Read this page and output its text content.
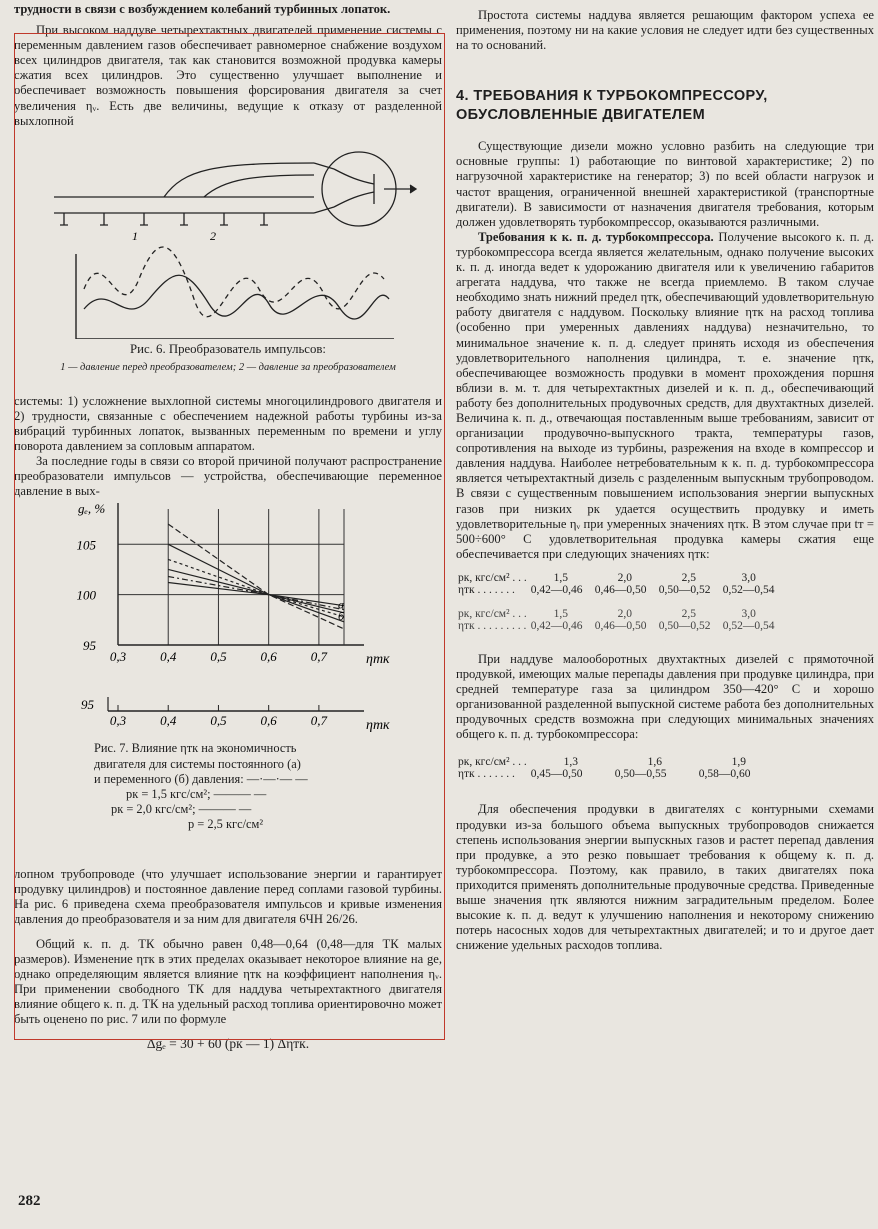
трудности в связи с возбуждением колебаний турбинных лопаток.

При высоком наддуве четырехтактных двигателей применение системы с переменным давлением газов обеспечивает равномерное снабжение воздухом всех цилиндров двигателя, так как становится возможной продувка камеры сжатия всех цилиндров. Это существенно улучшает выполнение и обеспечивает возможность повышения форсирования двигателя за счет увеличения ηᵥ. Есть две величины, ведущие к отказу от разделенной выхлопной

1	2

Рис. 6. Преобразователь импульсов:

1 — давление перед преобразователем; 2 — давление за преобразователем

системы: 1) усложнение выхлопной системы многоцилиндрового двигателя и 2) трудности, связанные с обеспечением надежной работы турбины из-за вибраций турбинных лопаток, вызванных переменным по времени и углу поворота давлением за сопловым аппаратом.

За последние годы в связи со второй причиной получают распространение преобразователи импульсов — устройства, обеспечивающие переменное давление в вых-

95
100
105
gₑ, %
0,3	0,4	0,5	0,6	0,7	ηтк
а
б
95
0,3	0,4	0,5	0,6	0,7	ηтк

Рис. 7. Влияние ηтк на экономичность

двигателя для системы постоянного (а)

и переменного (б) давления: —·—·— —

pк = 1,5 кгс/см²; ——— —

pк = 2,0 кгс/см²; ——— —

p = 2,5 кгс/см²

лопном трубопроводе (что улучшает использование энергии и гарантирует продувку цилиндров) и постоянное давление перед соплами газовой турбины. На рис. 6 приведена схема преобразователя импульсов и кривые изменения давления до преобразователя и за ним для двигателя 6ЧН 26/26.

Общий к. п. д. ТК обычно равен 0,48—0,64 (0,48—для ТК малых размеров). Изменение ηтк в этих пределах оказывает некоторое влияние на ge, однако определяющим является влияние ηтк на коэффициент наполнения ηᵥ. При применении свободного ТК для наддува четырехтактного двигателя влияние общего к. п. д. ТК на удельный расход топлива ориентировочно может быть оценено по рис. 7 или по формуле

Δgₑ = 30 + 60 (pк — 1) Δηтк.

282

Простота системы наддува является решающим фактором успеха ее применения, поэтому ни на какие условия не следует идти без существенных на то оснований.

4. ТРЕБОВАНИЯ К ТУРБОКОМПРЕССОРУ,

ОБУСЛОВЛЕННЫЕ ДВИГАТЕЛЕМ

Существующие дизели можно условно разбить на следующие три основные группы: 1) работающие по винтовой характеристике; 2) по нагрузочной характеристике на генератор; 3) по всей области нагрузок и частот вращения, ограниченной внешней характеристикой (транспортные двигатели). В зависимости от назначения двигателя требования, которым должен удовлетворять турбокомпрессор, оказываются различными.

Требования к к. п. д. турбокомпрессора. Получение высокого к. п. д. турбокомпрессора всегда является желательным, однако получение высоких к. п. д. иногда ведет к удорожанию двигателя или к увеличению габаритов агрегата наддува, что также не всегда приемлемо. В таком случае необходимо знать нижний предел ηтк, обеспечивающий удовлетворительную работу двигателя с наддувом. Поскольку влияние ηтк на расход топлива (особенно при умеренных давлениях наддува) незначительно, то минимальное значение к. п. д. следует принять исходя из обеспечения удовлетворительного наполнения цилиндра, т. е. значение ηтк, обеспечивающее возможность продувки в момент прохождения поршня вблизи в. м. т. для четырехтактных дизелей и к. п. д., обеспечивающий работу без дополнительных продувочных средств, для двухтактных дизелей. Величина к. п. д., отвечающая поставленным выше требованиям, зависит от организации продувочно-выпускного тракта, температуры газов, сопротивления на выходе из турбины, разрежения на входе в компрессор и давления наддува. Наиболее нетребовательным к к. п. д. турбокомпрессора является четырехтактный дизель с разделенным выпускным трубопроводом. В связи с существенным повышением использования энергии выпускных газов при низких pк удается осуществить продувку и иметь удовлетворительные ηᵥ при умеренных значениях ηтк. В этом случае при tт = 500÷600° С удовлетворительная продувка камеры сжатия еще обеспечивается при следующих значениях ηтк:

pк, кгс/см² . . .	1,5	2,0	2,5	3,0
ηтк . . . . . . .	0,42—0,46	0,46—0,50	0,50—0,52	0,52—0,54
pк, кгс/см² . . .	1,5	2,0	2,5	3,0
ηтк . . . . . . . . .	0,42—0,46	0,46—0,50	0,50—0,52	0,52—0,54

При наддуве малооборотных двухтактных дизелей с прямоточной продувкой, имеющих малые перепады давления при продувке цилиндра, при средней температуре газа за цилиндром 350—420° С и хорошо организованной разделенной выпускной системе работа без дополнительных продувочных средств возможна при следующих минимальных значениях общего к. п. д. турбокомпрессора:

pк, кгс/см² . . .	1,3	1,6	1,9
ηтк . . . . . . .	0,45—0,50	0,50—0,55	0,58—0,60

Для обеспечения продувки в двигателях с контурными схемами продувки из-за большого объема выпускных трубопроводов снижается степень использования энергии выпускных газов и растет перепад давления при продувке, а это резко повышает требования к общему к. п. д. турбокомпрессора. Поэтому, как правило, в таких двигателях пока приходится применять дополнительные продувочные средства. Приведенные выше значения ηтк являются нижним заградительным пределом. Более высокие к. п. д. ведут к улучшению наполнения и некоторому снижению потерь насосных ходов для четырехтактных двигателей; и то и другое дает снижение удельных расходов топлива.
